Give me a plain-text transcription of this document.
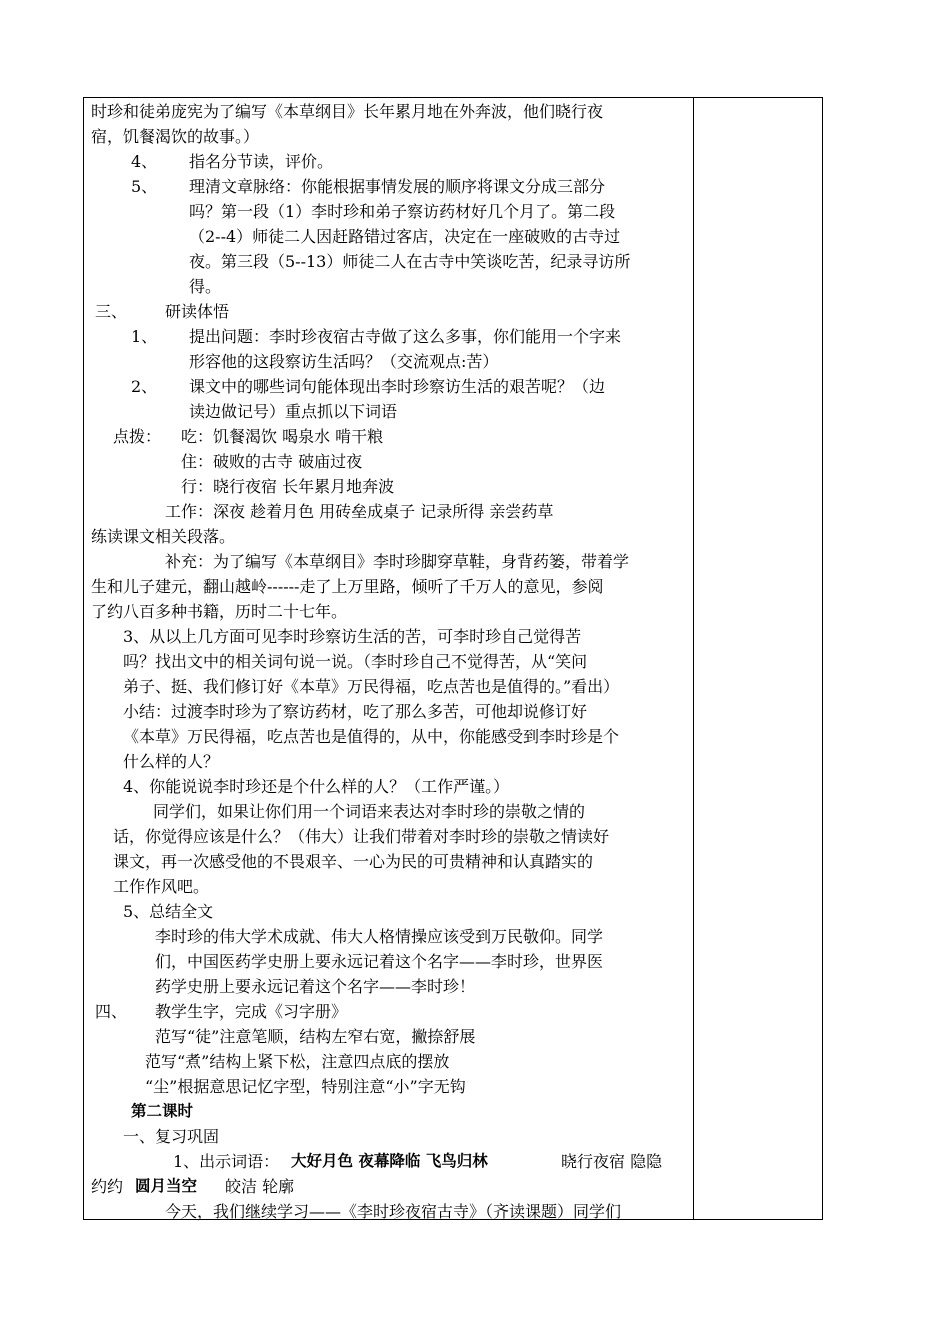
时珍和徒弟庞宪为了编写《本草纲目》长年累月地在外奔波，他们晓行夜
宿，饥餐渴饮的故事。）
4、 指名分节读，评价。
5、 理清文章脉络：你能根据事情发展的顺序将课文分成三部分
吗？第一段（1）李时珍和弟子察访药材好几个月了。第二段
（2--4）师徒二人因赶路错过客店，决定在一座破败的古寺过
夜。第三段（5--13）师徒二人在古寺中笑谈吃苦，纪录寻访所
得。
三、 研读体悟
1、 提出问题：李时珍夜宿古寺做了这么多事，你们能用一个字来
形容他的这段察访生活吗？（交流观点:苦）
2、 课文中的哪些词句能体现出李时珍察访生活的艰苦呢？（边
读边做记号）重点抓以下词语
点拨： 吃：饥餐渴饮 喝泉水 啃干粮
住：破败的古寺 破庙过夜
行：晓行夜宿 长年累月地奔波
工作：深夜 趁着月色 用砖垒成桌子 记录所得 亲尝药草
练读课文相关段落。
补充：为了编写《本草纲目》李时珍脚穿草鞋，身背药篓，带着学
生和儿子建元，翻山越岭------走了上万里路，倾听了千万人的意见，参阅
了约八百多种书籍，历时二十七年。
3、从以上几方面可见李时珍察访生活的苦，可李时珍自己觉得苦
吗？找出文中的相关词句说一说。（李时珍自己不觉得苦，从“笑问
弟子、挺、我们修订好《本草》万民得福，吃点苦也是值得的。”看出）
小结：过渡李时珍为了察访药材，吃了那么多苦，可他却说修订好
《本草》万民得福，吃点苦也是值得的，从中，你能感受到李时珍是个
什么样的人？
4、你能说说李时珍还是个什么样的人？（工作严谨。）
同学们，如果让你们用一个词语来表达对李时珍的崇敬之情的
话，你觉得应该是什么？（伟大）让我们带着对李时珍的崇敬之情读好
课文，再一次感受他的不畏艰辛、一心为民的可贵精神和认真踏实的
工作作风吧。
5、总结全文
李时珍的伟大学术成就、伟大人格情操应该受到万民敬仰。同学
们，中国医药学史册上要永远记着这个名字——李时珍，世界医
药学史册上要永远记着这个名字——李时珍！
四、 教学生字，完成《习字册》
范写“徒”注意笔顺，结构左窄右宽，撇捺舒展
范写“煮”结构上紧下松，注意四点底的摆放
“尘”根据意思记忆字型，特别注意“小”字无钩
第二课时
一、复习巩固
1、出示词语： 大好月色 夜幕降临 飞鸟归林	晓行夜宿 隐隐
约约 圆月当空 皎洁 轮廓
今天，我们继续学习——《李时珍夜宿古寺》（齐读课题）同学们
